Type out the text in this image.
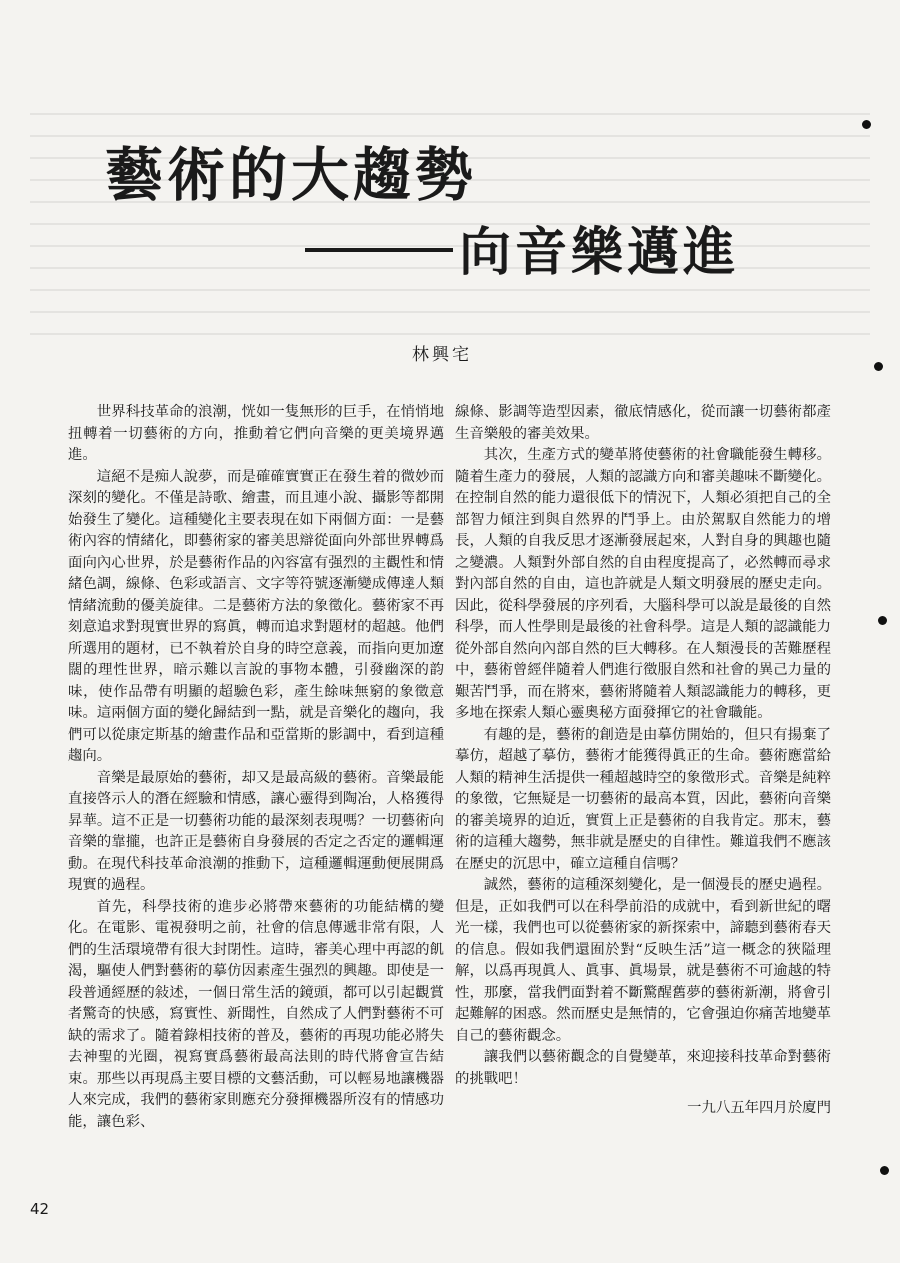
藝術的大趨勢
向音樂邁進
林興宅

世界科技革命的浪潮，恍如一隻無形的巨手，在悄悄地扭轉着一切藝術的方向，推動着它們向音樂的更美境界邁進。

這絕不是痴人說夢，而是確確實實正在發生着的微妙而深刻的變化。不僅是詩歌、繪畫，而且連小說、攝影等都開始發生了變化。這種變化主要表現在如下兩個方面：一是藝術內容的情緒化，即藝術家的審美思辯從面向外部世界轉爲面向內心世界，於是藝術作品的內容富有强烈的主觀性和情緒色調，線條、色彩或語言、文字等符號逐漸變成傳達人類情緒流動的優美旋律。二是藝術方法的象徵化。藝術家不再刻意追求對現實世界的寫眞，轉而追求對題材的超越。他們所選用的題材，已不執着於自身的時空意義，而指向更加遼闊的理性世界，暗示難以言說的事物本體，引發幽深的韵味，使作品帶有明顯的超驗色彩，產生餘味無窮的象徵意味。這兩個方面的變化歸結到一點，就是音樂化的趨向，我們可以從康定斯基的繪畫作品和亞當斯的影調中，看到這種趨向。

音樂是最原始的藝術，却又是最高級的藝術。音樂最能直接啓示人的潛在經驗和情感，讓心靈得到陶冶，人格獲得昇華。這不正是一切藝術功能的最深刻表現嗎？一切藝術向音樂的靠攏，也許正是藝術自身發展的否定之否定的邏輯運動。在現代科技革命浪潮的推動下，這種邏輯運動便展開爲現實的過程。

首先，科學技術的進步必將帶來藝術的功能結構的變化。在電影、電視發明之前，社會的信息傳遞非常有限，人們的生活環境帶有很大封閉性。這時，審美心理中再認的飢渴，驅使人們對藝術的摹仿因素產生强烈的興趣。即使是一段普通經歷的敍述，一個日常生活的鏡頭，都可以引起觀賞者驚奇的快感，寫實性、新聞性，自然成了人們對藝術不可缺的需求了。隨着錄相技術的普及，藝術的再現功能必將失去神聖的光圈，視寫實爲藝術最高法則的時代將會宣告結束。那些以再現爲主要目標的文藝活動，可以輕易地讓機器人來完成，我們的藝術家則應充分發揮機器所沒有的情感功能，讓色彩、

線條、影調等造型因素，徹底情感化，從而讓一切藝術都產生音樂般的審美效果。

其次，生產方式的變革將使藝術的社會職能發生轉移。隨着生產力的發展，人類的認識方向和審美趣味不斷變化。在控制自然的能力還很低下的情況下，人類必須把自己的全部智力傾注到與自然界的鬥爭上。由於駕馭自然能力的增長，人類的自我反思才逐漸發展起來，人對自身的興趣也隨之變濃。人類對外部自然的自由程度提高了，必然轉而尋求對內部自然的自由，這也許就是人類文明發展的歷史走向。因此，從科學發展的序列看，大腦科學可以說是最後的自然科學，而人性學則是最後的社會科學。這是人類的認識能力從外部自然向內部自然的巨大轉移。在人類漫長的苦難歷程中，藝術曾經伴隨着人們進行徵服自然和社會的異己力量的艱苦鬥爭，而在將來，藝術將隨着人類認識能力的轉移，更多地在探索人類心靈奧秘方面發揮它的社會職能。

有趣的是，藝術的創造是由摹仿開始的，但只有揚棄了摹仿，超越了摹仿，藝術才能獲得眞正的生命。藝術應當給人類的精神生活提供一種超越時空的象徵形式。音樂是純粹的象徵，它無疑是一切藝術的最高本質，因此，藝術向音樂的審美境界的迫近，實質上正是藝術的自我肯定。那末，藝術的這種大趨勢，無非就是歷史的自律性。難道我們不應該在歷史的沉思中，確立這種自信嗎？

誠然，藝術的這種深刻變化，是一個漫長的歷史過程。但是，正如我們可以在科學前沿的成就中，看到新世紀的曙光一樣，我們也可以從藝術家的新探索中，諦聽到藝術春天的信息。假如我們還囿於對“反映生活”這一概念的狹隘理解，以爲再現眞人、眞事、眞場景，就是藝術不可逾越的特性，那麼，當我們面對着不斷驚醒舊夢的藝術新潮，將會引起難解的困惑。然而歷史是無情的，它會强迫你痛苦地變革自己的藝術觀念。

讓我們以藝術觀念的自覺變革，來迎接科技革命對藝術的挑戰吧！

一九八五年四月於廈門
42
